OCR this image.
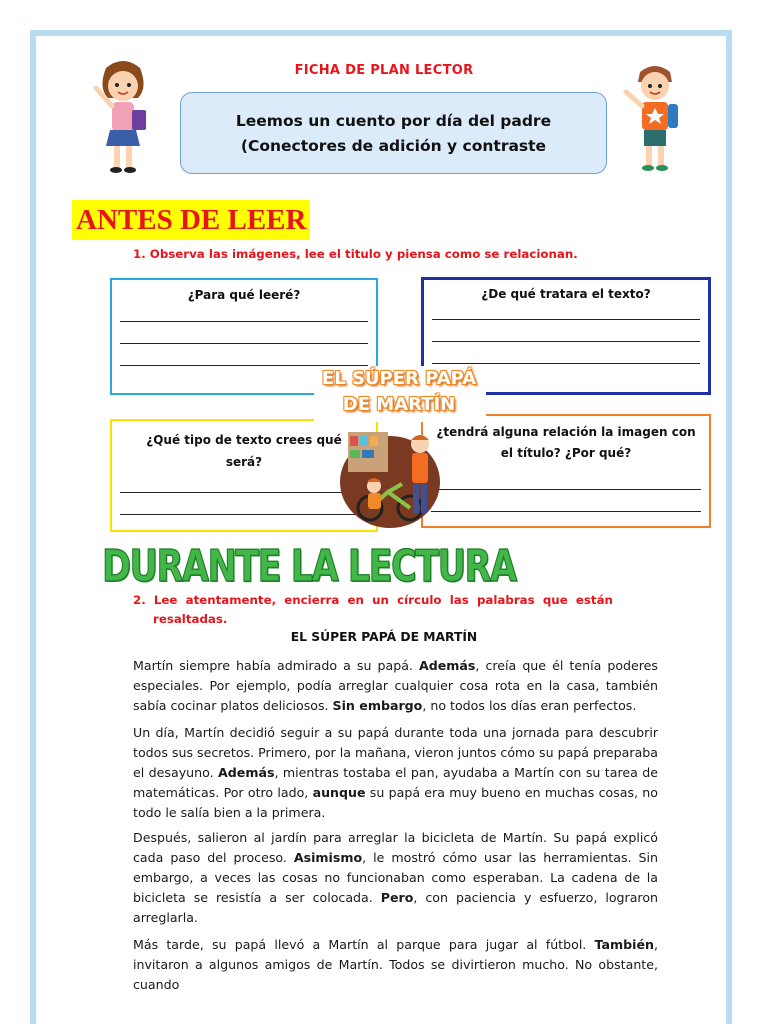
FICHA DE PLAN LECTOR
Leemos un cuento por día del padre
(Conectores de adición y contraste
ANTES DE LEER
1. Observa las imágenes, lee el titulo y piensa como se relacionan.
¿Para qué leeré?	¿De qué tratara el texto?
¿Qué tipo de texto crees qué
será?
¿tendrá alguna relación la imagen con
el título? ¿Por qué?
EL SÚPER PAPÁ
DE MARTÍN
DURANTE LA LECTURA
2.  Lee  atentamente,  encierra  en  un  círculo  las  palabras  que  están
resaltadas.
EL SÚPER PAPÁ DE MARTÍN
Martín siempre había admirado a su papá. Además, creía que él tenía poderes especiales. Por ejemplo, podía arreglar cualquier cosa rota en la casa, también sabía cocinar platos deliciosos. Sin embargo, no todos los días eran perfectos.
Un día, Martín decidió seguir a su papá durante toda una jornada para descubrir todos sus secretos. Primero, por la mañana, vieron juntos cómo su papá preparaba el desayuno. Además, mientras tostaba el pan, ayudaba a Martín con su tarea de matemáticas. Por otro lado, aunque su papá era muy bueno en muchas cosas, no todo le salía bien a la primera.
Después, salieron al jardín para arreglar la bicicleta de Martín. Su papá explicó cada paso del proceso. Asimismo, le mostró cómo usar las herramientas. Sin embargo, a veces las cosas no funcionaban como esperaban. La cadena de la bicicleta se resistía a ser colocada. Pero, con paciencia y esfuerzo, lograron arreglarla.
Más tarde, su papá llevó a Martín al parque para jugar al fútbol. También, invitaron a algunos amigos de Martín. Todos se divirtieron mucho. No obstante, cuando
